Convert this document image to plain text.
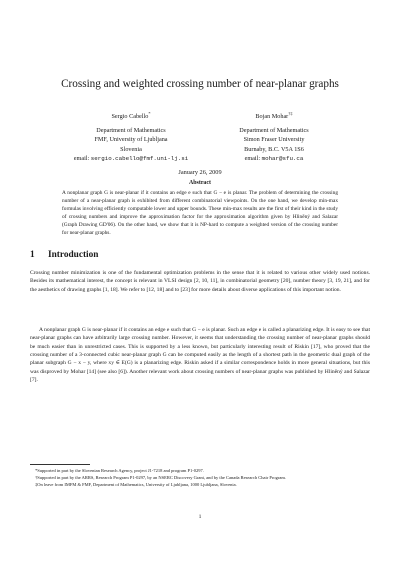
Crossing and weighted crossing number of near-planar graphs
Sergio Cabello*
Department of Mathematics
FMF, University of Ljubljana
Slovenia
email: sergio.cabello@fmf.uni-lj.si
Bojan Mohar†‡
Department of Mathematics
Simon Fraser University
Burnaby, B.C. V5A 1S6
email: mohar@sfu.ca
January 26, 2009
Abstract
A nonplanar graph G is near-planar if it contains an edge e such that G − e is planar. The problem of determining the crossing number of a near-planar graph is exhibited from different combinatorial viewpoints. On the one hand, we develop min-max formulas involving efficiently computable lower and upper bounds. These min-max results are the first of their kind in the study of crossing numbers and improve the approximation factor for the approximation algorithm given by Hliněný and Salazar (Graph Drawing GD'06). On the other hand, we show that it is NP-hard to compute a weighted version of the crossing number for near-planar graphs.
1 Introduction

Crossing number minimization is one of the fundamental optimization problems in the sense that it is related to various other widely used notions. Besides its mathematical interest, the concept is relevant in VLSI design [2, 10, 11], in combinatorial geometry [20], number theory [3, 19, 21], and for the aesthetics of drawing graphs [1, 18]. We refer to [12, 18] and to [23] for more details about diverse applications of this important notion.

A nonplanar graph G is near-planar if it contains an edge e such that G − e is planar. Such an edge e is called a planarizing edge. It is easy to see that near-planar graphs can have arbitrarily large crossing number. However, it seems that understanding the crossing number of near-planar graphs should be much easier than in unrestricted cases. This is supported by a less known, but particularly interesting result of Riskin [17], who proved that the crossing number of a 3-connected cubic near-planar graph G can be computed easily as the length of a shortest path in the geometric dual graph of the planar subgraph G − x − y, where xy ∈ E(G) is a planarizing edge. Riskin asked if a similar correspondence holds in more general situations, but this was disproved by Mohar [14] (see also [6]). Another relevant work about crossing numbers of near-planar graphs was published by Hliněný and Salazar [7].

*Supported in part by the Slovenian Research Agency, project J1-7218 and program P1-0297.

†Supported in part by the ARRS, Research Program P1-0297, by an NSERC Discovery Grant, and by the Canada Research Chair Program.

‡On leave from IMFM & FMF, Department of Mathematics, University of Ljubljana, 1000 Ljubljana, Slovenia.

1
